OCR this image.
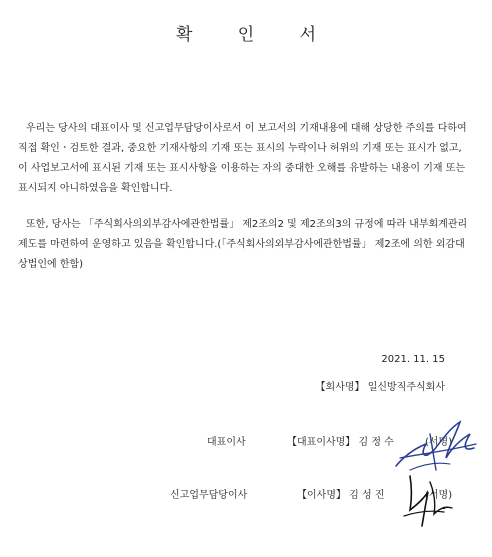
확 인 서

우리는 당사의 대표이사 및 신고업무담당이사로서 이 보고서의 기재내용에 대해 상당한 주의를 다하여 직접 확인ㆍ검토한 결과, 중요한 기재사항의 기재 또는 표시의 누락이나 허위의 기재 또는 표시가 없고, 이 사업보고서에 표시된 기재 또는 표시사항을 이용하는 자의 중대한 오해를 유발하는 내용이 기재 또는 표시되지 아니하였음을 확인합니다.

또한, 당사는 「주식회사의외부감사에관한법률」 제2조의2 및 제2조의3의 규정에 따라 내부회계관리제도를 마련하여 운영하고 있음을 확인합니다.(「주식회사의외부감사에관한법률」 제2조에 의한 외감대상법인에 한함)

2021. 11. 15
【회사명】 일신방직주식회사
대표이사	【대표이사명】 김 정 수	(서명)
신고업무담당이사	【이사명】 김 성 진	(서명)
